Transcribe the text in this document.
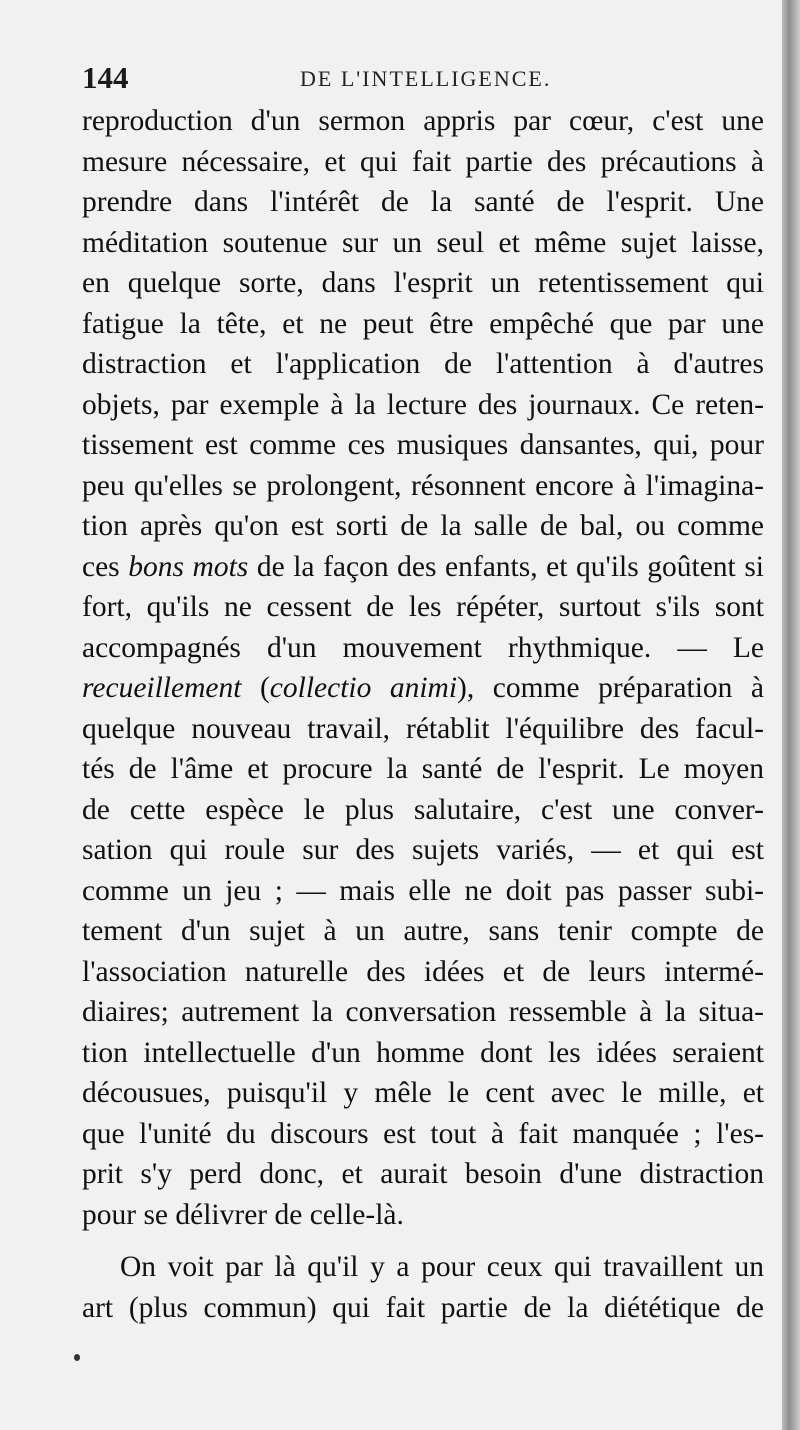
144	DE L'INTELLIGENCE.
reproduction d'un sermon appris par cœur, c'est une
mesure nécessaire, et qui fait partie des précautions à
prendre dans l'intérêt de la santé de l'esprit. Une
méditation soutenue sur un seul et même sujet laisse,
en quelque sorte, dans l'esprit un retentissement qui
fatigue la tête, et ne peut être empêché que par une
distraction et l'application de l'attention à d'autres
objets, par exemple à la lecture des journaux. Ce reten-
tissement est comme ces musiques dansantes, qui, pour
peu qu'elles se prolongent, résonnent encore à l'imagina-
tion après qu'on est sorti de la salle de bal, ou comme
ces bons mots de la façon des enfants, et qu'ils goûtent si
fort, qu'ils ne cessent de les répéter, surtout s'ils sont
accompagnés d'un mouvement rhythmique. — Le
recueillement (collectio animi), comme préparation à
quelque nouveau travail, rétablit l'équilibre des facul-
tés de l'âme et procure la santé de l'esprit. Le moyen
de cette espèce le plus salutaire, c'est une conver-
sation qui roule sur des sujets variés, — et qui est
comme un jeu ; — mais elle ne doit pas passer subi-
tement d'un sujet à un autre, sans tenir compte de
l'association naturelle des idées et de leurs intermé-
diaires; autrement la conversation ressemble à la situa-
tion intellectuelle d'un homme dont les idées seraient
décousues, puisqu'il y mêle le cent avec le mille, et
que l'unité du discours est tout à fait manquée ; l'es-
prit s'y perd donc, et aurait besoin d'une distraction
pour se délivrer de celle-là.
On voit par là qu'il y a pour ceux qui travaillent un
art (plus commun) qui fait partie de la diététique de
